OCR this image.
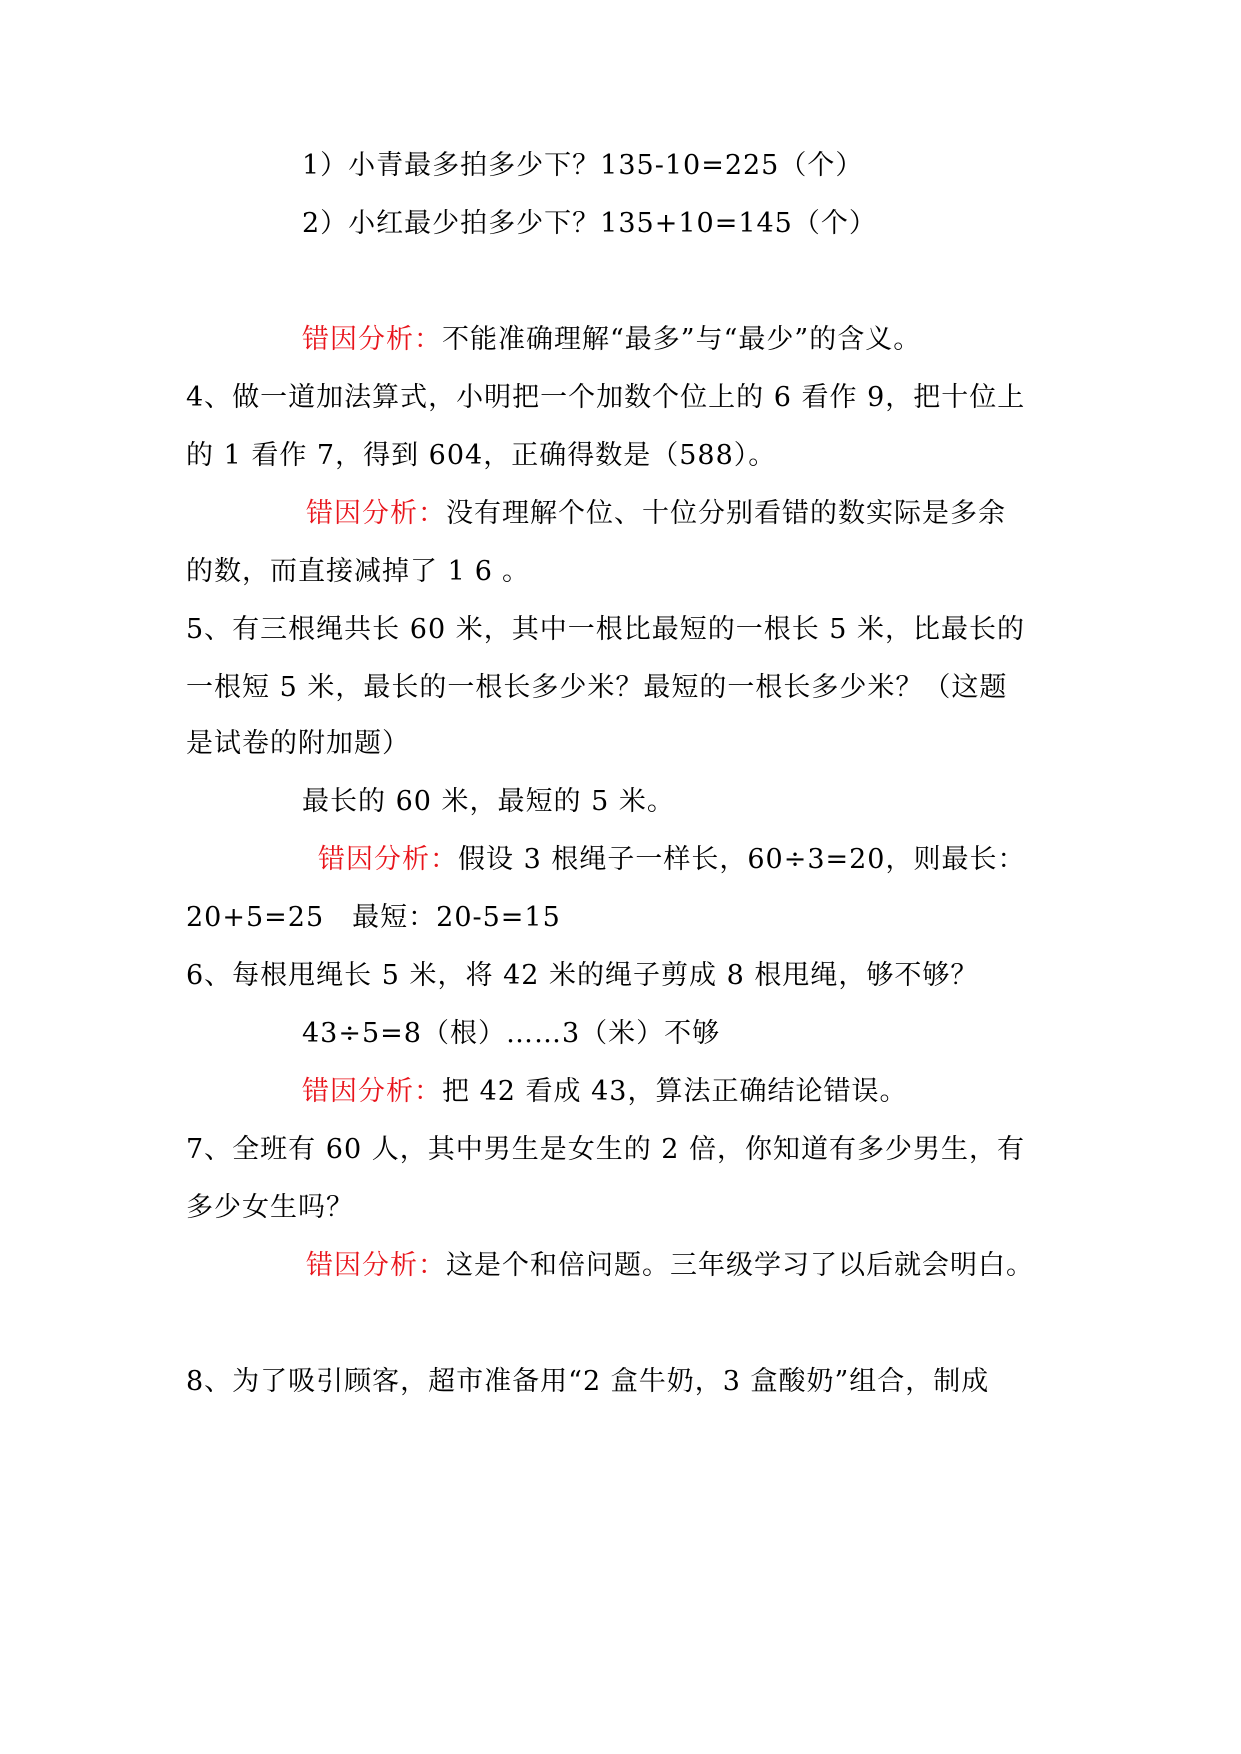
1）小青最多拍多少下？135-10=225（个）
2）小红最少拍多少下？135+10=145（个）
错因分析：不能准确理解“最多”与“最少”的含义。
4、做一道加法算式，小明把一个加数个位上的 6 看作 9，把十位上
的 1 看作 7，得到 604，正确得数是（588）。
错因分析：没有理解个位、十位分别看错的数实际是多余
的数，而直接减掉了 16。
5、有三根绳共长 60 米，其中一根比最短的一根长 5 米，比最长的
一根短 5 米，最长的一根长多少米？最短的一根长多少米？（这题
是试卷的附加题）
最长的 60 米，最短的 5 米。
错因分析：假设 3 根绳子一样长，60÷3=20，则最长：
20+5=25　最短：20-5=15
6、每根甩绳长 5 米，将 42 米的绳子剪成 8 根甩绳，够不够？
43÷5=8（根）……3（米）不够
错因分析：把 42 看成 43，算法正确结论错误。
7、全班有 60 人，其中男生是女生的 2 倍，你知道有多少男生，有
多少女生吗？
错因分析：这是个和倍问题。三年级学习了以后就会明白。
8、为了吸引顾客，超市准备用“2 盒牛奶，3 盒酸奶”组合，制成
